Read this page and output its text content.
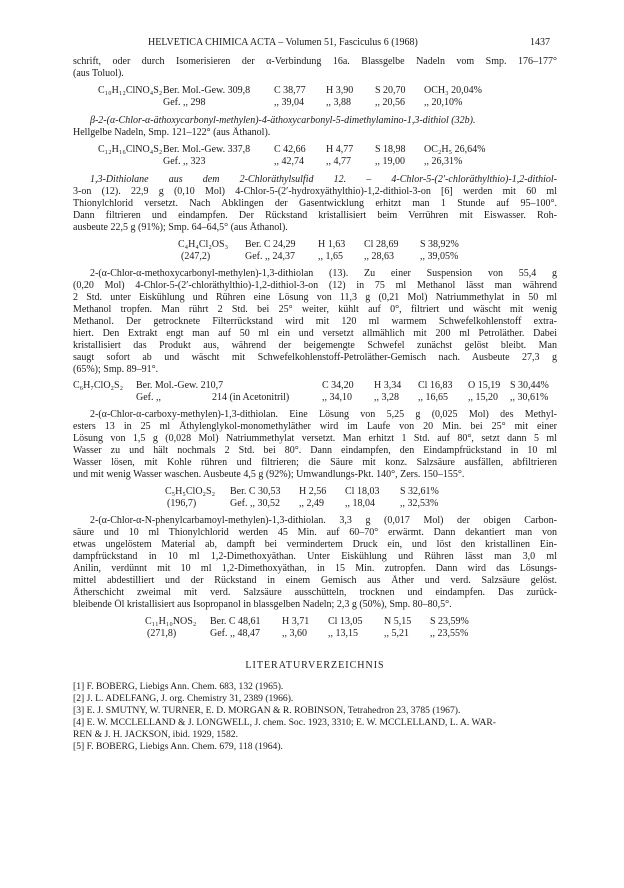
HELVETICA CHIMICA ACTA – Volumen 51, Fasciculus 6 (1968)	1437
schrift, oder durch Isomerisieren der α-Verbindung 16a. Blassgelbe Nadeln vom Smp. 176–177°
(aus Toluol).
C₁₀H₁₂ClNO₄S₂ Ber. Mol.-Gew. 309,8 C 38,77 H 3,90 S 20,70 OCH₃ 20,04%
Gef. ,, 298	,, 39,04 ,, 3,88 ,, 20,56 ,, 20,10%
β-2-(α-Chlor-α-äthoxycarbonyl-methylen)-4-äthoxycarbonyl-5-dimethylamino-1,3-dithiol (32b).
Hellgelbe Nadeln, Smp. 121–122° (aus Äthanol).
C₁₂H₁₆ClNO₄S₂ Ber. Mol.-Gew. 337,8 C 42,66 H 4,77 S 18,98 OC₂H₅ 26,64%
Gef. ,, 323	,, 42,74 ,, 4,77 ,, 19,00 ,, 26,31%
1,3-Dithiolane aus dem 2-Chloräthylsulfid 12. – 4-Chlor-5-(2′-chloräthylthio)-1,2-dithiol-
3-on (12). 22,9 g (0,10 Mol) 4-Chlor-5-(2′-hydroxyäthylthio)-1,2-dithiol-3-on [6] werden mit 60 ml
Thionylchlorid versetzt. Nach Abklingen der Gasentwicklung erhitzt man 1 Stunde auf 95–100°.
Dann filtrieren und eindampfen. Der Rückstand kristallisiert beim Verrühren mit Eiswasser. Roh-
ausbeute 22,5 g (91%); Smp. 64–64,5° (aus Äthanol).
C₄H₄Cl₂OS₃ Ber. C 24,29 H 1,63 Cl 28,69 S 38,92%
(247,2)	Gef. ,, 24,37 ,, 1,65 ,, 28,63	,, 39,05%
2-(α-Chlor-α-methoxycarbonyl-methylen)-1,3-dithiolan (13). Zu einer Suspension von 55,4 g
(0,20 Mol) 4-Chlor-5-(2′-chloräthylthio)-1,2-dithiol-3-on (12) in 75 ml Methanol lässt man während
2 Std. unter Eiskühlung und Rühren eine Lösung von 11,3 g (0,21 Mol) Natriummethylat in 50 ml
Methanol tropfen. Man rührt 2 Std. bei 25° weiter, kühlt auf 0°, filtriert und wäscht mit wenig
Methanol. Der getrocknete Filterrückstand wird mit 120 ml warmem Schwefelkohlenstoff extra-
hiert. Den Extrakt engt man auf 50 ml ein und versetzt allmählich mit 200 ml Petroläther. Dabei
kristallisiert das Produkt aus, während der beigemengte Schwefel zunächst gelöst bleibt. Man
saugt sofort ab und wäscht mit Schwefelkohlenstoff-Petroläther-Gemisch nach. Ausbeute 27,3 g
(65%); Smp. 89–91°.
C₆H₇ClO₂S₂ Ber. Mol.-Gew. 210,7	C 34,20 H 3,34 Cl 16,83 O 15,19 S 30,44%
Gef. ,,	214 (in Acetonitril)	,, 34,10 ,, 3,28 ,, 16,65 ,, 15,20 ,, 30,61%
2-(α-Chlor-α-carboxy-methylen)-1,3-dithiolan. Eine Lösung von 5,25 g (0,025 Mol) des Methyl-
esters 13 in 25 ml Äthylenglykol-monomethyläther wird im Laufe von 20 Min. bei 25° mit einer
Lösung von 1,5 g (0,028 Mol) Natriummethylat versetzt. Man erhitzt 1 Std. auf 80°, setzt dann 5 ml
Wasser zu und hält nochmals 2 Std. bei 80°. Dann eindampfen, den Eindampfrückstand in 10 ml
Wasser lösen, mit Kohle rühren und filtrieren; die Säure mit konz. Salzsäure ausfällen, abfiltrieren
und mit wenig Wasser waschen. Ausbeute 4,5 g (92%); Umwandlungs-Pkt. 140°, Zers. 150–155°.
C₅H₅ClO₂S₂ Ber. C 30,53 H 2,56 Cl 18,03 S 32,61%
(196,7)	Gef. ,, 30,52 ,, 2,49 ,, 18,04	,, 32,53%
2-(α-Chlor-α-N-phenylcarbamoyl-methylen)-1,3-dithiolan. 3,3 g (0,017 Mol) der obigen Carbon-
säure und 10 ml Thionylchlorid werden 45 Min. auf 60–70° erwärmt. Dann dekantiert man von
etwas ungelöstem Material ab, dampft bei vermindertem Druck ein, und löst den kristallinen Ein-
dampfrückstand in 10 ml 1,2-Dimethoxyäthan. Unter Eiskühlung und Rühren lässt man 3,0 ml
Anilin, verdünnt mit 10 ml 1,2-Dimethoxyäthan, in 15 Min. zutropfen. Dann wird das Lösungs-
mittel abdestilliert und der Rückstand in einem Gemisch aus Äther und verd. Salzsäure gelöst.
Ätherschicht zweimal mit verd. Salzsäure ausschütteln, trocknen und eindampfen. Das zurück-
bleibende Öl kristallisiert aus Isopropanol in blassgelben Nadeln; 2,3 g (50%), Smp. 80–80,5°.
C₁₁H₁₀NOS₂ Ber. C 48,61 H 3,71 Cl 13,05 N 5,15 S 23,59%
(271,8)	Gef. ,, 48,47 ,, 3,60 ,, 13,15	,, 5,21 ,, 23,55%
LITERATURVERZEICHNIS
[1] F. BOBERG, Liebigs Ann. Chem. 683, 132 (1965).
[2] J. L. ADELFANG, J. org. Chemistry 31, 2389 (1966).
[3] E. J. SMUTNY, W. TURNER, E. D. MORGAN & R. ROBINSON, Tetrahedron 23, 3785 (1967).
[4] E. W. MCCLELLAND & J. LONGWELL, J. chem. Soc. 1923, 3310; E. W. MCCLELLAND, L. A. WAR-
REN & J. H. JACKSON, ibid. 1929, 1582.
[5] F. BOBERG, Liebigs Ann. Chem. 679, 118 (1964).
